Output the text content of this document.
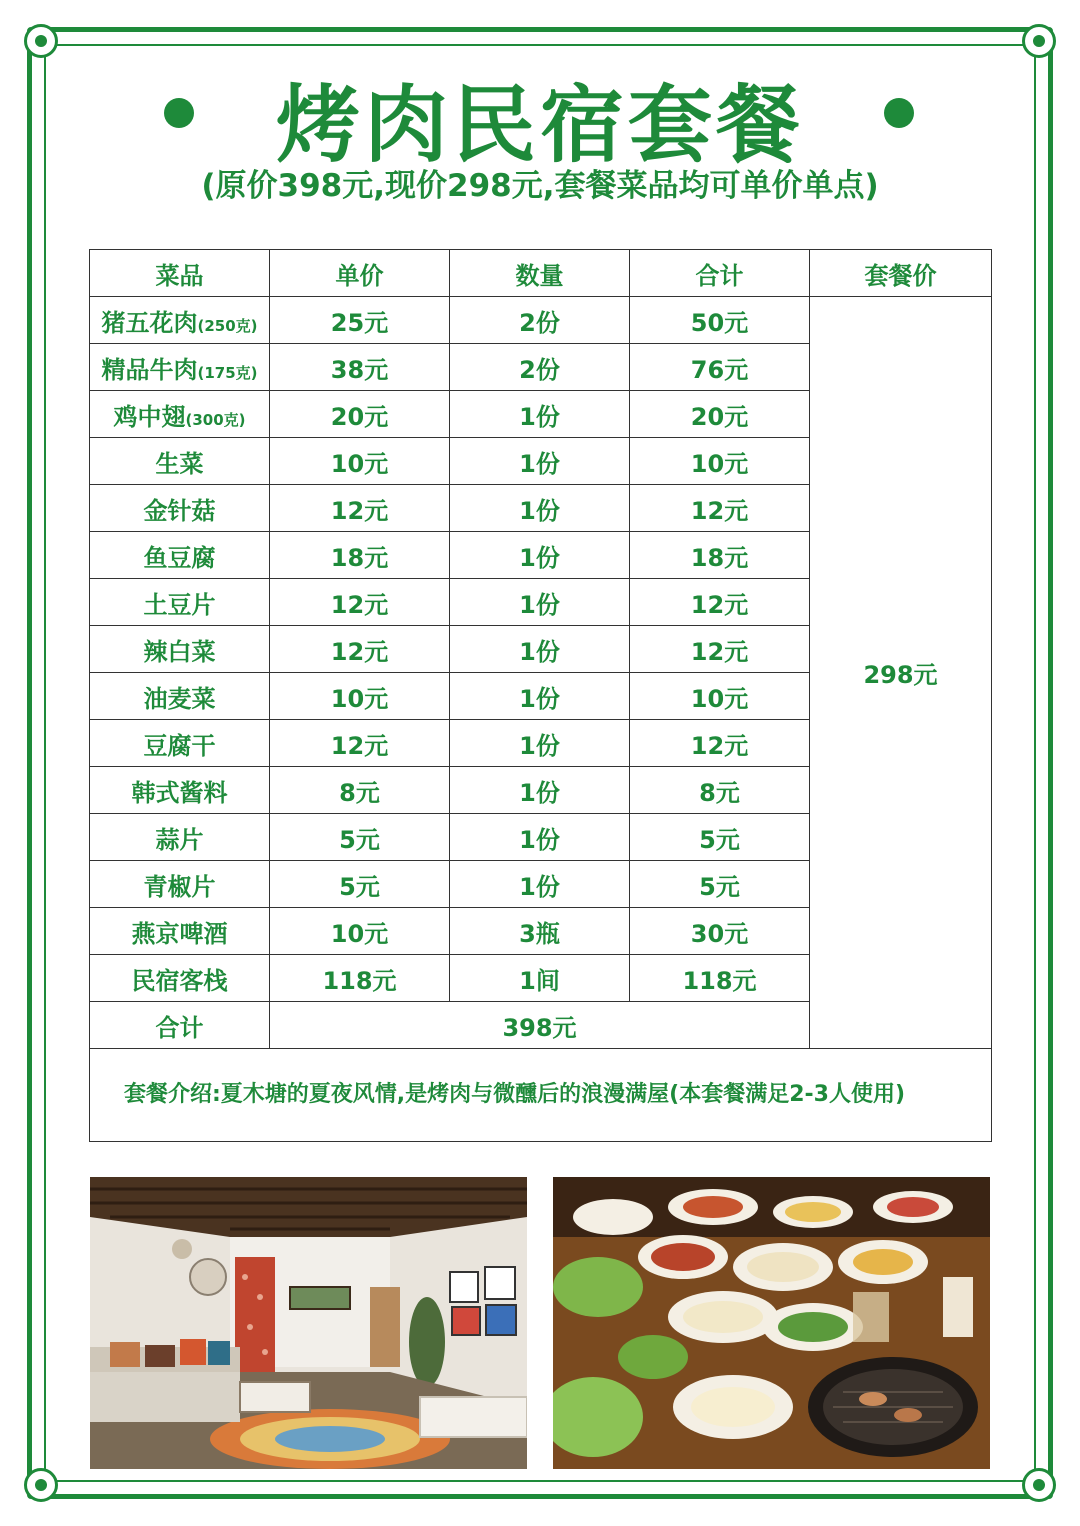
烤肉民宿套餐
(原价398元,现价298元,套餐菜品均可单价单点)
菜品	单价	数量	合计	套餐价
猪五花肉(250克)	25元	2份	50元	298元
精品牛肉(175克)	38元	2份	76元	
鸡中翅(300克)	20元	1份	20元	
生菜	10元	1份	10元	
金针菇	12元	1份	12元	
鱼豆腐	18元	1份	18元	
土豆片	12元	1份	12元	
辣白菜	12元	1份	12元	
油麦菜	10元	1份	10元	
豆腐干	12元	1份	12元	
韩式酱料	8元	1份	8元	
蒜片	5元	1份	5元	
青椒片	5元	1份	5元	
燕京啤酒	10元	3瓶	30元	
民宿客栈	118元	1间	118元	
合计	398元			
套餐介绍:夏木塘的夏夜风情,是烤肉与微醺后的浪漫满屋(本套餐满足2-3人使用)				
